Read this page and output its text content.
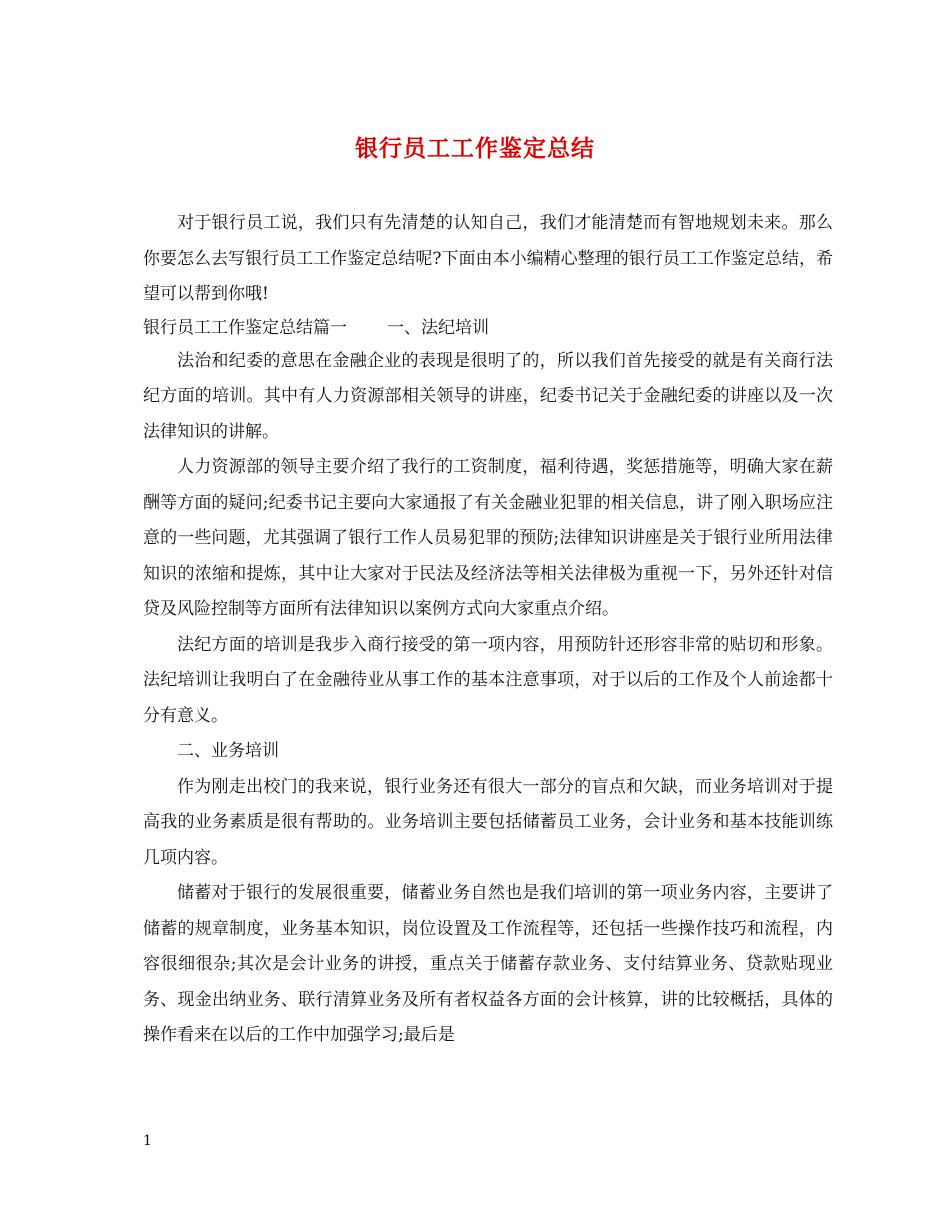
银行员工工作鉴定总结

对于银行员工说，我们只有先清楚的认知自己，我们才能清楚而有智地规划未来。那么你要怎么去写银行员工工作鉴定总结呢?下面由本小编精心整理的银行员工工作鉴定总结，希望可以帮到你哦!

银行员工工作鉴定总结篇一 一、法纪培训

法治和纪委的意思在金融企业的表现是很明了的，所以我们首先接受的就是有关商行法纪方面的培训。其中有人力资源部相关领导的讲座，纪委书记关于金融纪委的讲座以及一次法律知识的讲解。

人力资源部的领导主要介绍了我行的工资制度，福利待遇，奖惩措施等，明确大家在薪酬等方面的疑问;纪委书记主要向大家通报了有关金融业犯罪的相关信息，讲了刚入职场应注意的一些问题，尤其强调了银行工作人员易犯罪的预防;法律知识讲座是关于银行业所用法律知识的浓缩和提炼，其中让大家对于民法及经济法等相关法律极为重视一下，另外还针对信贷及风险控制等方面所有法律知识以案例方式向大家重点介绍。

法纪方面的培训是我步入商行接受的第一项内容，用预防针还形容非常的贴切和形象。法纪培训让我明白了在金融待业从事工作的基本注意事项，对于以后的工作及个人前途都十分有意义。

二、业务培训

作为刚走出校门的我来说，银行业务还有很大一部分的盲点和欠缺，而业务培训对于提高我的业务素质是很有帮助的。业务培训主要包括储蓄员工业务，会计业务和基本技能训练几项内容。

储蓄对于银行的发展很重要，储蓄业务自然也是我们培训的第一项业务内容，主要讲了储蓄的规章制度，业务基本知识，岗位设置及工作流程等，还包括一些操作技巧和流程，内容很细很杂;其次是会计业务的讲授，重点关于储蓄存款业务、支付结算业务、贷款贴现业务、现金出纳业务、联行清算业务及所有者权益各方面的会计核算，讲的比较概括，具体的操作看来在以后的工作中加强学习;最后是

1
